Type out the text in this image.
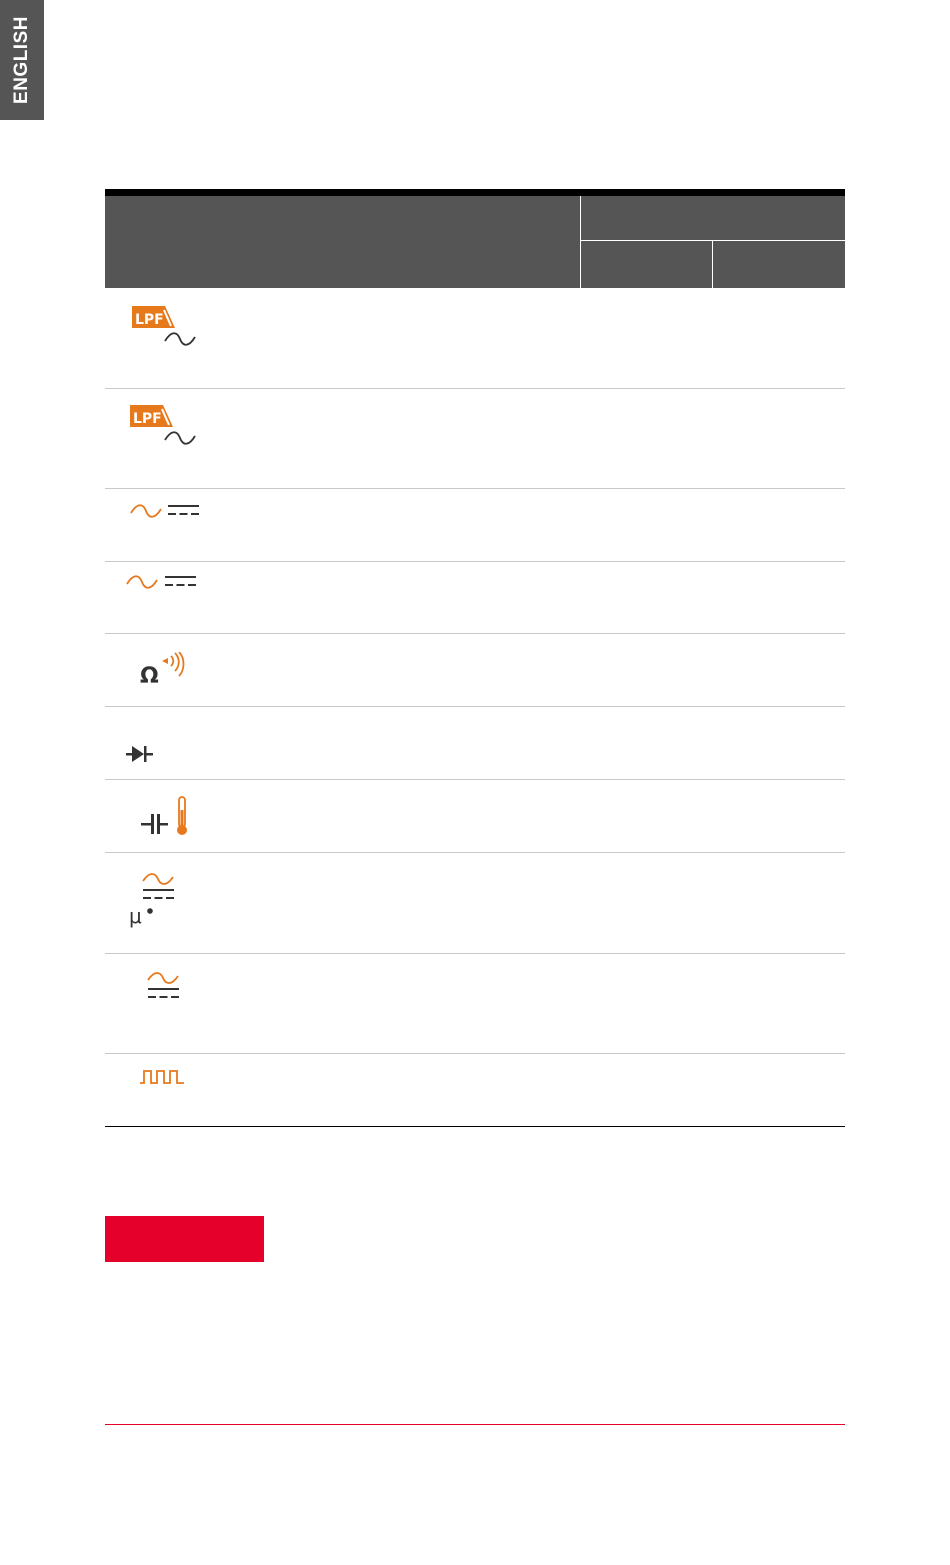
ENGLISH
LPF
LPF
Ω
μ
